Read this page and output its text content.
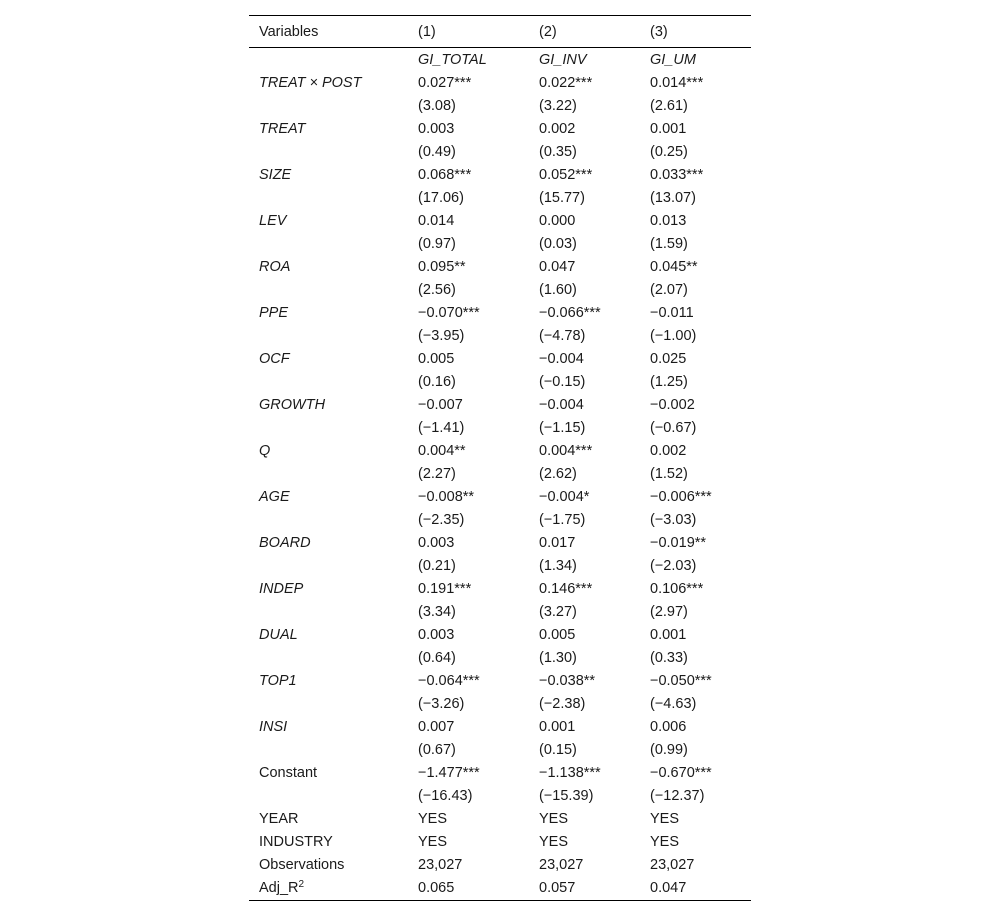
Variables	(1)	(2)	(3)
	GI_TOTAL	GI_INV	GI_UM
TREAT × POST	0.027***	0.022***	0.014***
	(3.08)	(3.22)	(2.61)
TREAT	0.003	0.002	0.001
	(0.49)	(0.35)	(0.25)
SIZE	0.068***	0.052***	0.033***
	(17.06)	(15.77)	(13.07)
LEV	0.014	0.000	0.013
	(0.97)	(0.03)	(1.59)
ROA	0.095**	0.047	0.045**
	(2.56)	(1.60)	(2.07)
PPE	−0.070***	−0.066***	−0.011
	(−3.95)	(−4.78)	(−1.00)
OCF	0.005	−0.004	0.025
	(0.16)	(−0.15)	(1.25)
GROWTH	−0.007	−0.004	−0.002
	(−1.41)	(−1.15)	(−0.67)
Q	0.004**	0.004***	0.002
	(2.27)	(2.62)	(1.52)
AGE	−0.008**	−0.004*	−0.006***
	(−2.35)	(−1.75)	(−3.03)
BOARD	0.003	0.017	−0.019**
	(0.21)	(1.34)	(−2.03)
INDEP	0.191***	0.146***	0.106***
	(3.34)	(3.27)	(2.97)
DUAL	0.003	0.005	0.001
	(0.64)	(1.30)	(0.33)
TOP1	−0.064***	−0.038**	−0.050***
	(−3.26)	(−2.38)	(−4.63)
INSI	0.007	0.001	0.006
	(0.67)	(0.15)	(0.99)
Constant	−1.477***	−1.138***	−0.670***
	(−16.43)	(−15.39)	(−12.37)
YEAR	YES	YES	YES
INDUSTRY	YES	YES	YES
Observations	23,027	23,027	23,027
$Adj\_R^2$	0.065	0.057	0.047
